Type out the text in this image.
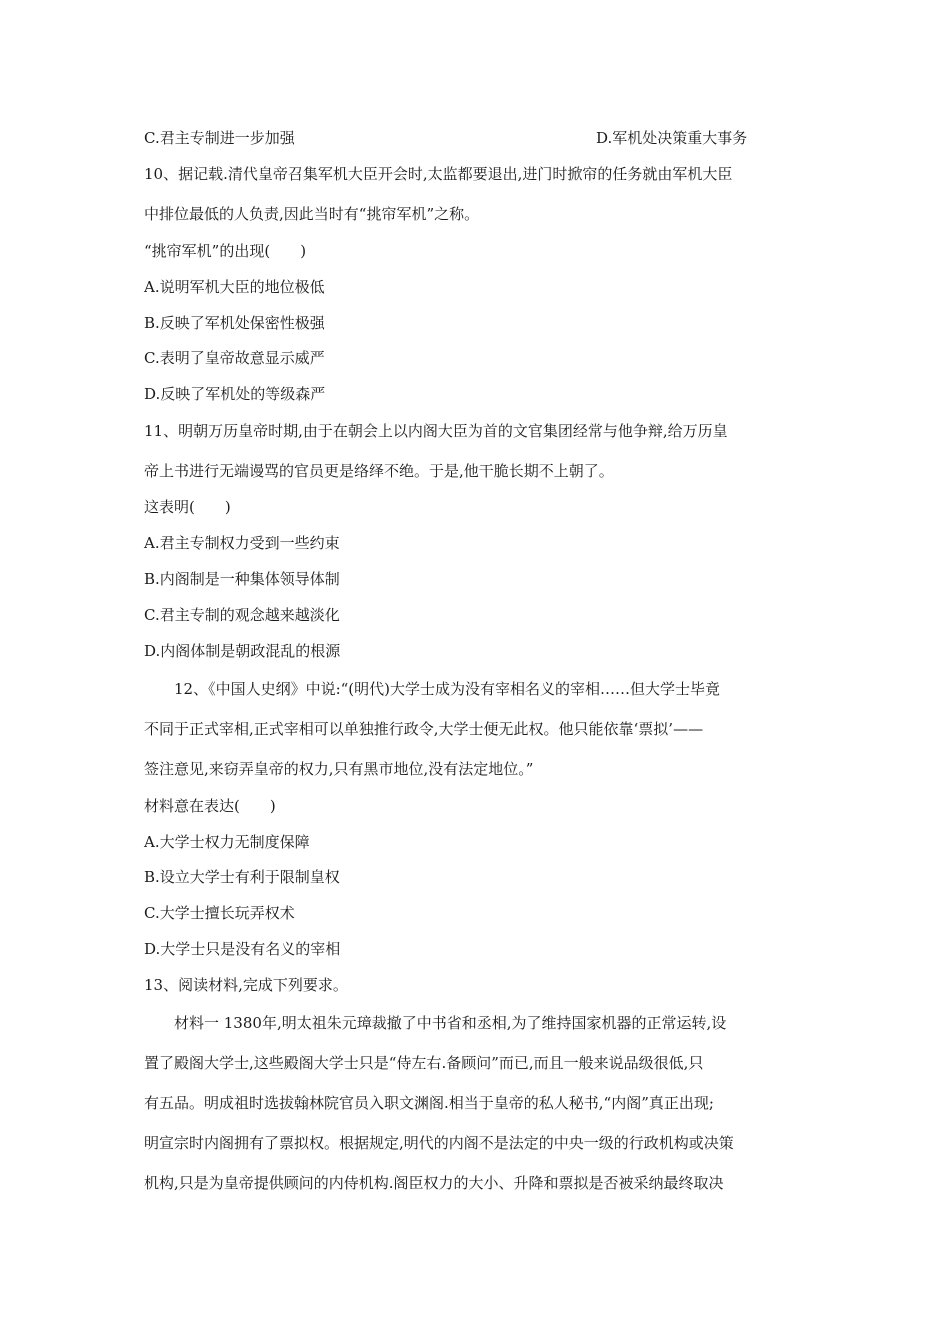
C.君主专制进一步加强	D.军机处决策重大事务
10、据记载.清代皇帝召集军机大臣开会时,太监都要退出,进门时掀帘的任务就由军机大臣
中排位最低的人负责,因此当时有“挑帘军机”之称。
“挑帘军机”的出现(　　)
A.说明军机大臣的地位极低
B.反映了军机处保密性极强
C.表明了皇帝故意显示威严
D.反映了军机处的等级森严
11、明朝万历皇帝时期,由于在朝会上以内阁大臣为首的文官集团经常与他争辩,给万历皇
帝上书进行无端谩骂的官员更是络绎不绝。于是,他干脆长期不上朝了。
这表明(　　)
A.君主专制权力受到一些约束
B.内阁制是一种集体领导体制
C.君主专制的观念越来越淡化
D.内阁体制是朝政混乱的根源
12、《中国人史纲》中说:“(明代)大学士成为没有宰相名义的宰相……但大学士毕竟
不同于正式宰相,正式宰相可以单独推行政令,大学士便无此权。他只能依靠‘票拟’——
签注意见,来窃弄皇帝的权力,只有黑市地位,没有法定地位。”
材料意在表达(　　)
A.大学士权力无制度保障
B.设立大学士有利于限制皇权
C.大学士擅长玩弄权术
D.大学士只是没有名义的宰相
13、阅读材料,完成下列要求。
材料一 1380年,明太祖朱元璋裁撤了中书省和丞相,为了维持国家机器的正常运转,设
置了殿阁大学士,这些殿阁大学士只是“侍左右.备顾问”而已,而且一般来说品级很低,只
有五品。明成祖时选拔翰林院官员入职文渊阁.相当于皇帝的私人秘书,“内阁”真正出现;
明宣宗时内阁拥有了票拟权。根据规定,明代的内阁不是法定的中央一级的行政机构或决策
机构,只是为皇帝提供顾问的内侍机构.阁臣权力的大小、升降和票拟是否被采纳最终取决
